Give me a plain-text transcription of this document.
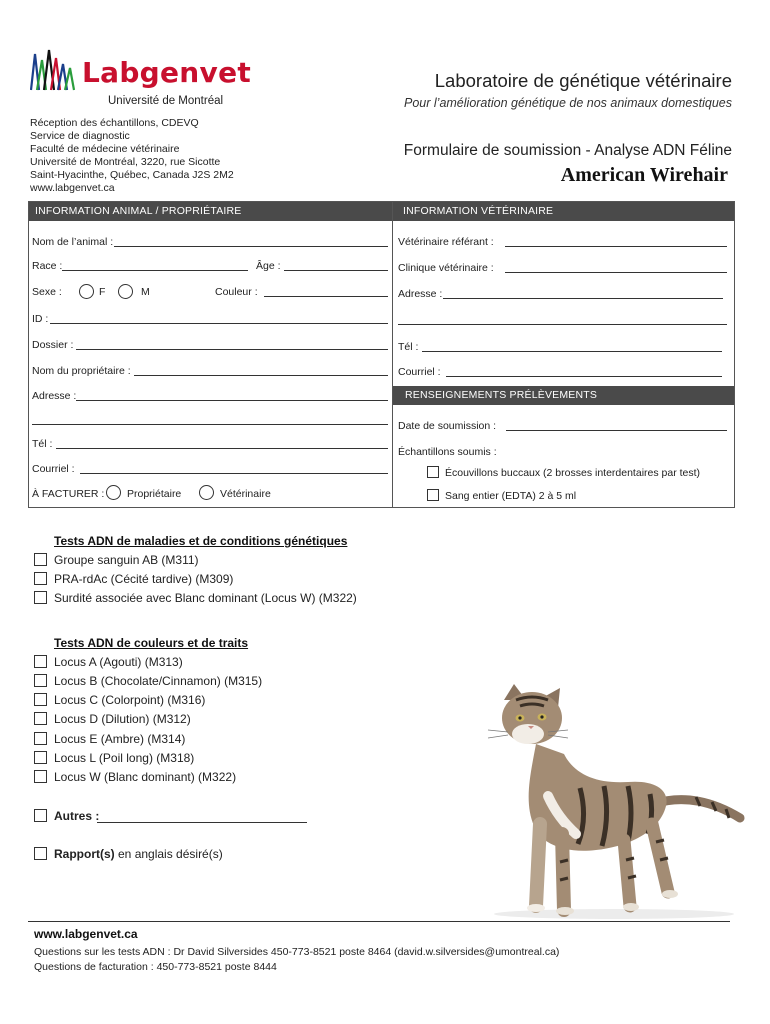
Labgenvet
Université de Montréal
Laboratoire de génétique vétérinaire
Pour l’amélioration génétique de nos animaux domestiques
Réception des échantillons, CDEVQ
Service de diagnostic
Faculté de médecine vétérinaire
Université de Montréal, 3220, rue Sicotte
Saint-Hyacinthe, Québec, Canada J2S 2M2
www.labgenvet.ca
Formulaire de soumission - Analyse ADN Féline
American Wirehair
INFORMATION ANIMAL / PROPRIÉTAIRE
Nom de l’animal :
Race :	Âge :
Sexe :	F	M	Couleur :
ID :
Dossier :
Nom du propriétaire :
Adresse :
Tél :
Courriel :
À FACTURER : Propriétaire	Vétérinaire
INFORMATION VÉTÉRINAIRE
Vétérinaire référant :
Clinique vétérinaire :
Adresse :
Tél :
Courriel :
RENSEIGNEMENTS PRÉLÈVEMENTS
Date de soumission :
Échantillons soumis :
Écouvillons buccaux (2 brosses interdentaires par test)
Sang entier (EDTA) 2 à 5 ml
Tests ADN de maladies et de conditions génétiques
Groupe sanguin AB (M311)
PRA-rdAc (Cécité tardive) (M309)
Surdité associée avec Blanc dominant (Locus W) (M322)
Tests ADN de couleurs et de traits
Locus A (Agouti) (M313)
Locus B (Chocolate/Cinnamon) (M315)
Locus C (Colorpoint) (M316)
Locus D (Dilution) (M312)
Locus E (Ambre) (M314)
Locus L (Poil long) (M318)
Locus W (Blanc dominant) (M322)
Autres :
Rapport(s) en anglais désiré(s)
www.labgenvet.ca
Questions sur les tests ADN : Dr David Silversides 450-773-8521 poste 8464 (david.w.silversides@umontreal.ca)
Questions de facturation : 450-773-8521 poste 8444
